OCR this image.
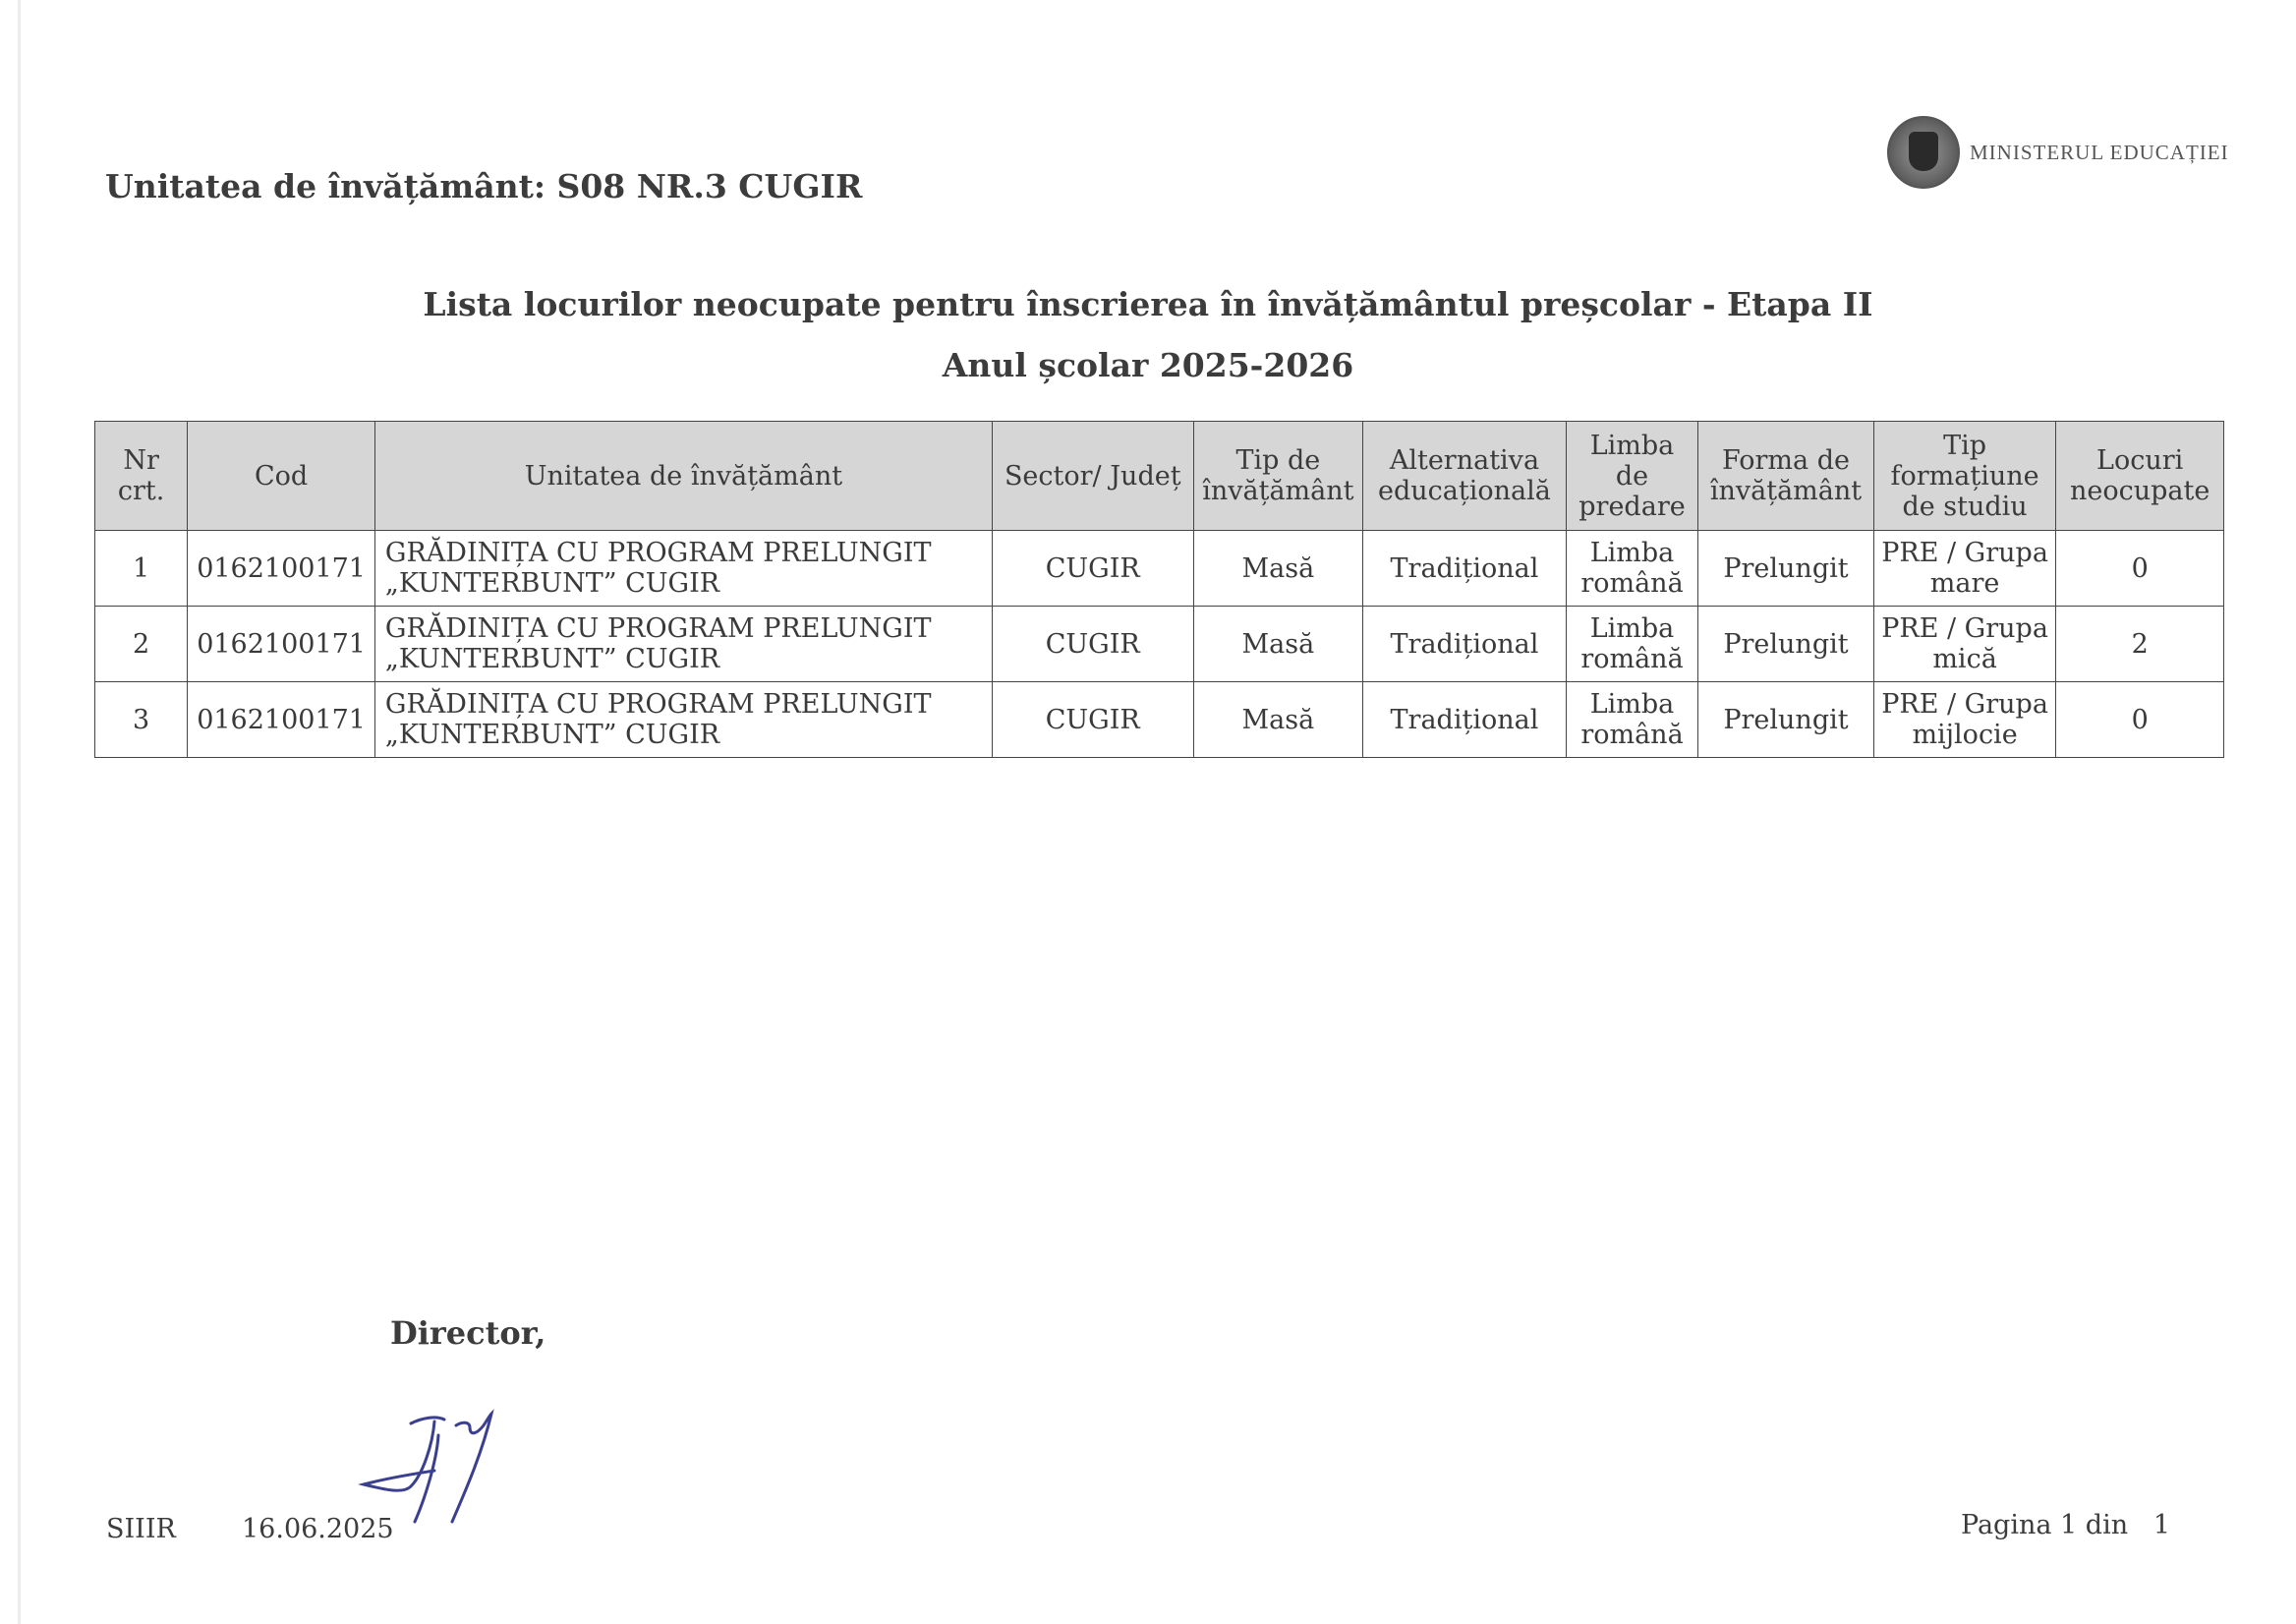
Unitatea de învățământ: S08 NR.3 CUGIR
MINISTERUL EDUCAȚIEI
Lista locurilor neocupate pentru înscrierea în învățământul preșcolar - Etapa II
Anul școlar 2025-2026
Nr crt.	Cod	Unitatea de învățământ	Sector/ Județ	Tip de învățământ	Alternativa educațională	Limba de predare	Forma de învățământ	Tip formațiune de studiu	Locuri neocupate
1	0162100171	GRĂDINIȚA CU PROGRAM PRELUNGIT „KUNTERBUNT” CUGIR	CUGIR	Masă	Tradițional	Limba română	Prelungit	PRE / Grupa mare	0
2	0162100171	GRĂDINIȚA CU PROGRAM PRELUNGIT „KUNTERBUNT” CUGIR	CUGIR	Masă	Tradițional	Limba română	Prelungit	PRE / Grupa mică	2
3	0162100171	GRĂDINIȚA CU PROGRAM PRELUNGIT „KUNTERBUNT” CUGIR	CUGIR	Masă	Tradițional	Limba română	Prelungit	PRE / Grupa mijlocie	0
Director,
SIIIR 16.06.2025	Pagina 1 din   1
